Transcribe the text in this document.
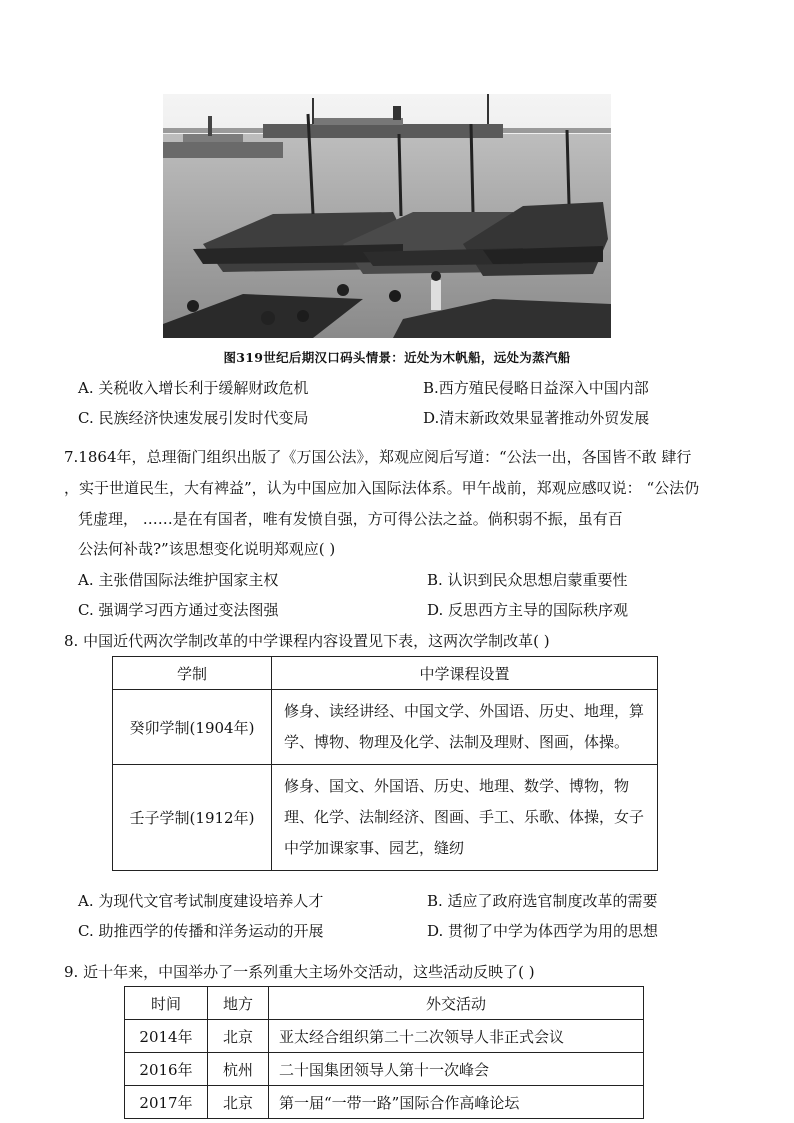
图319世纪后期汉口码头情景：近处为木帆船，远处为蒸汽船
A. 关税收入增长利于缓解财政危机	B.西方殖民侵略日益深入中国内部
C. 民族经济快速发展引发时代变局	D.清末新政效果显著推动外贸发展
7.1864年，总理衙门组织出版了《万国公法》，郑观应阅后写道：“公法一出，各国皆不敢 肆行
，实于世道民生，大有裨益”，认为中国应加入国际法体系。甲午战前，郑观应感叹说： “公法仍
凭虚理， ……是在有国者，唯有发愤自强，方可得公法之益。倘积弱不振，虽有百
公法何补哉?”该思想变化说明郑观应( )
A. 主张借国际法维护国家主权	B. 认识到民众思想启蒙重要性
C. 强调学习西方通过变法图强	D. 反思西方主导的国际秩序观
8. 中国近代两次学制改革的中学课程内容设置见下表，这两次学制改革( )
学制	中学课程设置
癸卯学制(1904年)	修身、读经讲经、中国文学、外国语、历史、地理，算学、博物、物理及化学、法制及理财、图画，体操。
壬子学制(1912年)	修身、国文、外国语、历史、地理、数学、博物，物理、化学、法制经济、图画、手工、乐歌、体操，女子中学加课家事、园艺，缝纫
A. 为现代文官考试制度建设培养人才	B. 适应了政府选官制度改革的需要
C. 助推西学的传播和洋务运动的开展	D. 贯彻了中学为体西学为用的思想
9. 近十年来，中国举办了一系列重大主场外交活动，这些活动反映了( )
时间	地方	外交活动
2014年	北京	亚太经合组织第二十二次领导人非正式会议
2016年	杭州	二十国集团领导人第十一次峰会
2017年	北京	第一届“一带一路”国际合作高峰论坛
